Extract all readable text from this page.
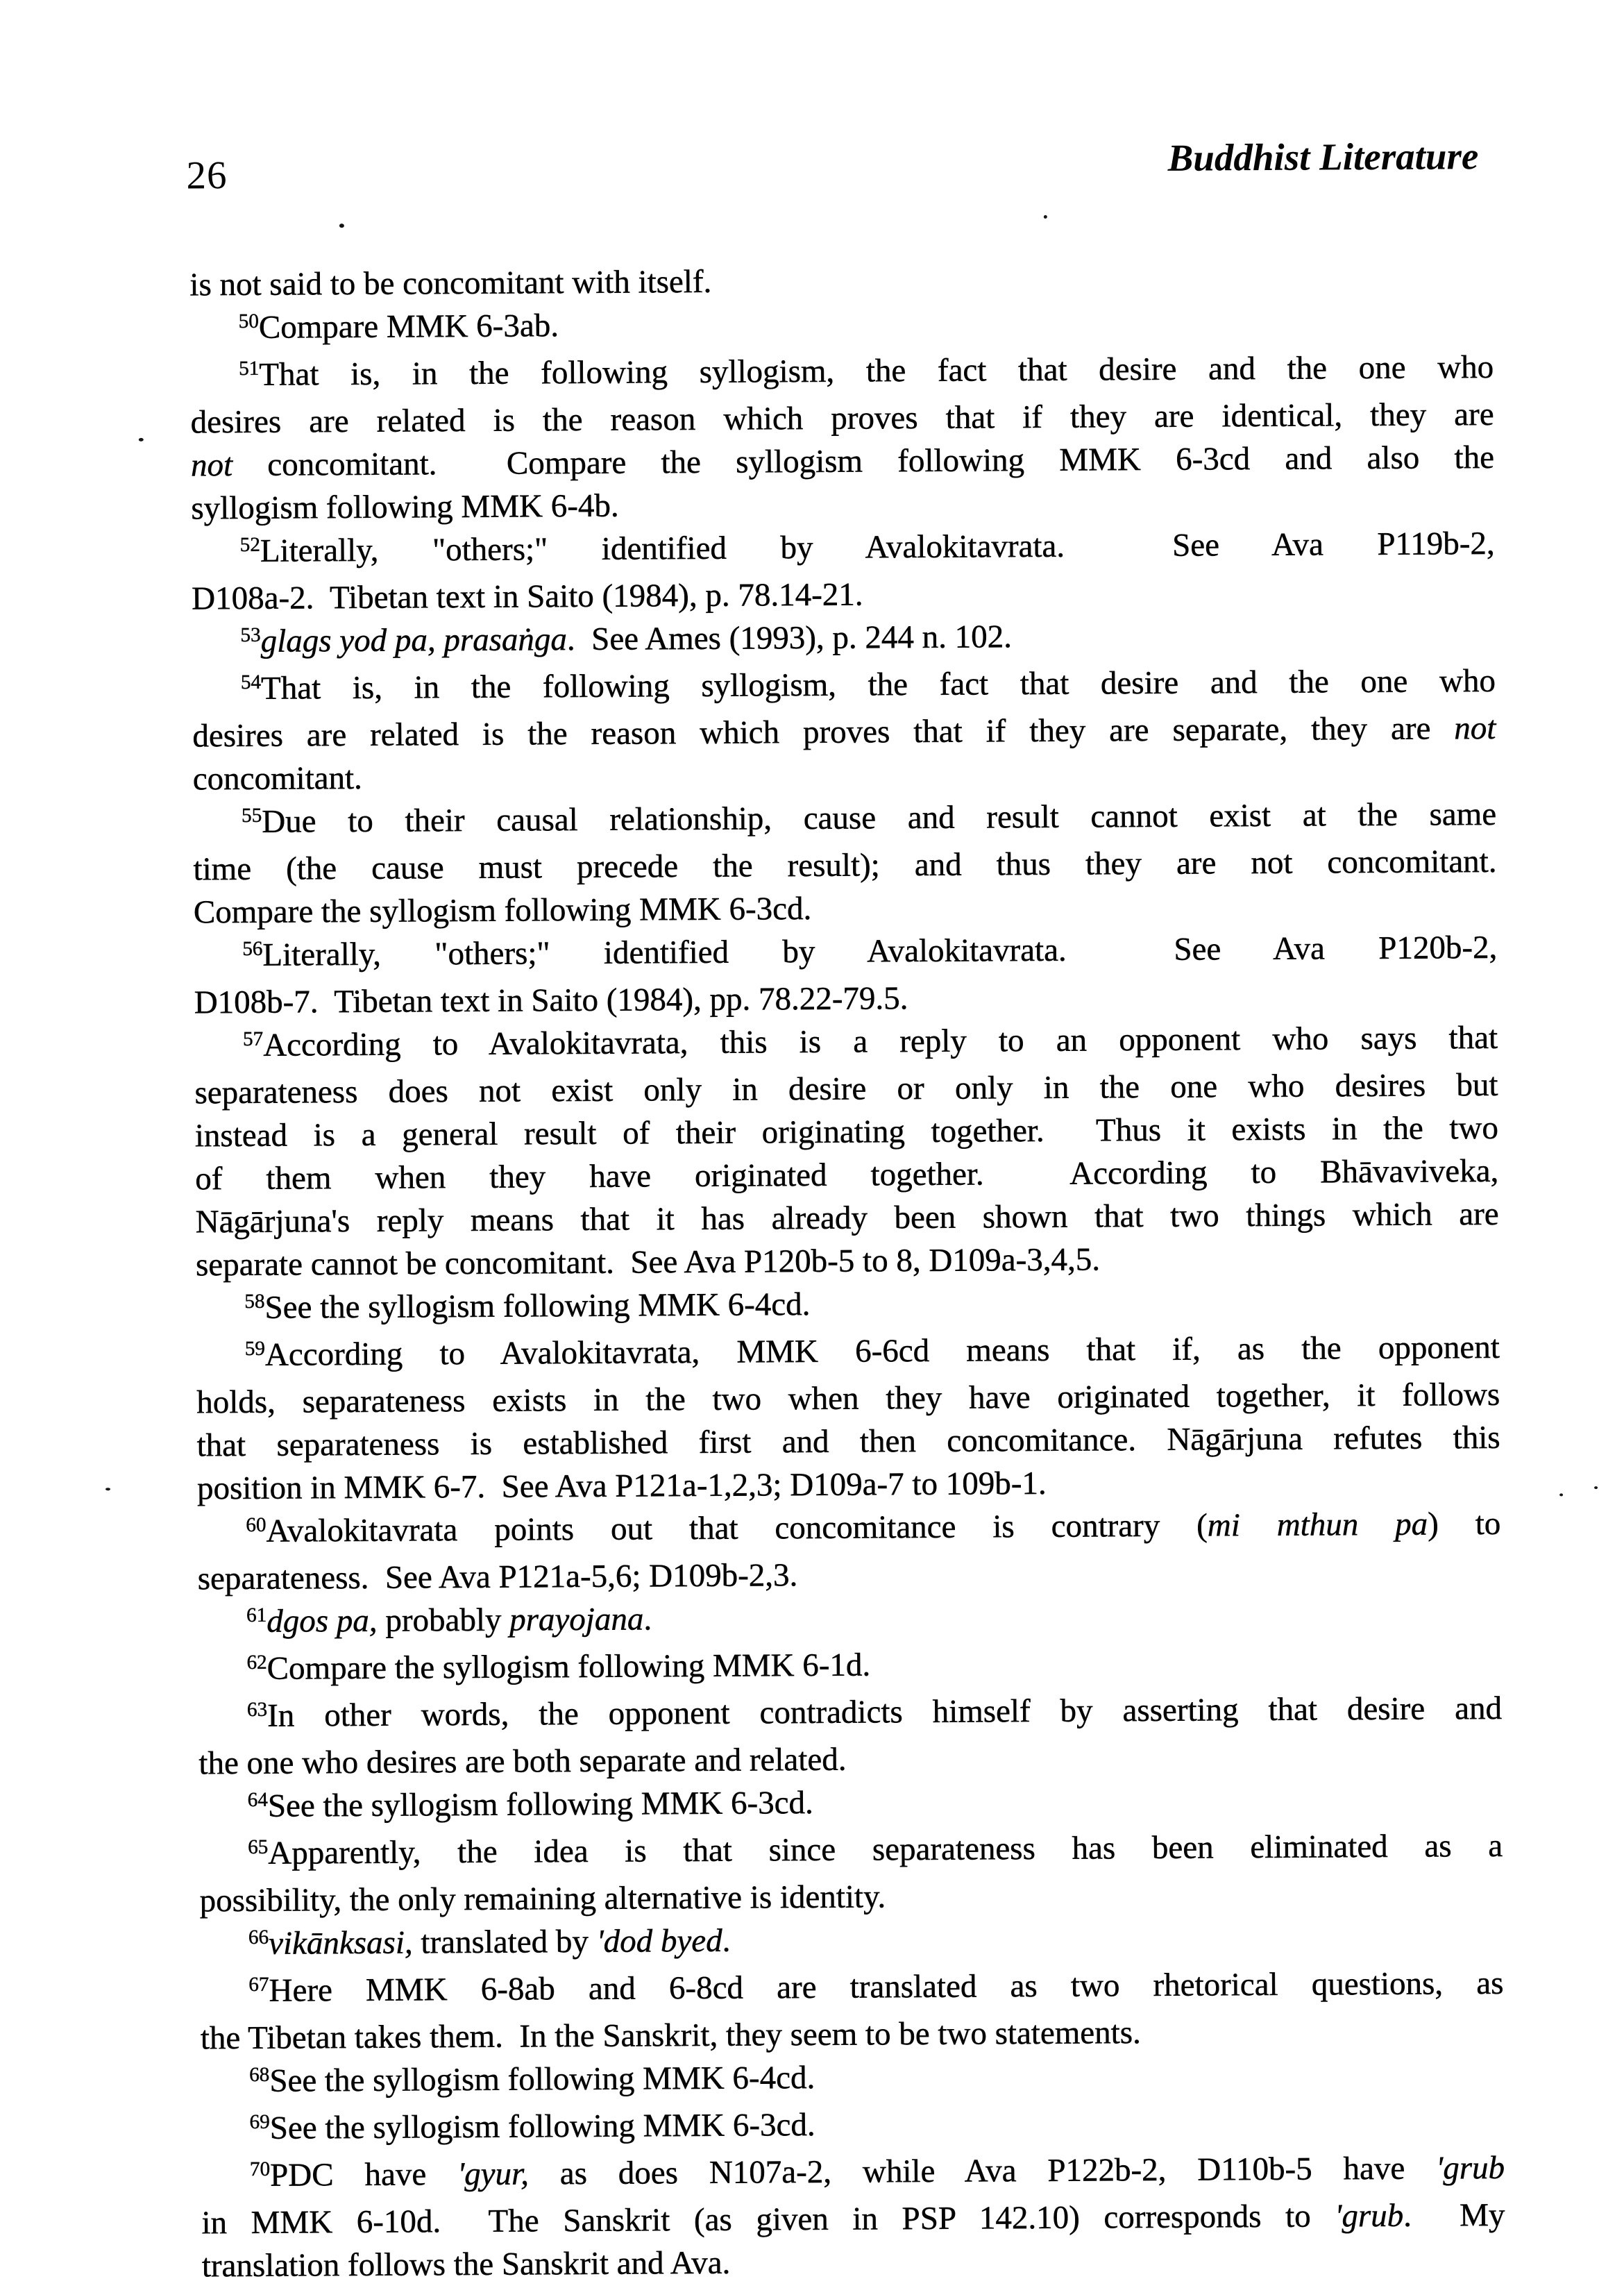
26	Buddhist Literature
is not said to be concomitant with itself.
$^{50}$Compare MMK 6-3ab.
$^{51}$That is, in the following syllogism, the fact that desire and the one who
desires are related is the reason which proves that if they are identical, they are
not concomitant.  Compare the syllogism following MMK 6-3cd and also the
syllogism following MMK 6-4b.
$^{52}$Literally, "others;" identified by Avalokitavrata.  See Ava P119b-2,
D108a-2.  Tibetan text in Saito (1984), p. 78.14-21.
$^{53}$glags yod pa, prasaṅga.  See Ames (1993), p. 244 n. 102.
$^{54}$That is, in the following syllogism, the fact that desire and the one who
desires are related is the reason which proves that if they are separate, they are not
concomitant.
$^{55}$Due to their causal relationship, cause and result cannot exist at the same
time (the cause must precede the result); and thus they are not concomitant.
Compare the syllogism following MMK 6-3cd.
$^{56}$Literally, "others;" identified by Avalokitavrata.  See Ava P120b-2,
D108b-7.  Tibetan text in Saito (1984), pp. 78.22-79.5.
$^{57}$According to Avalokitavrata, this is a reply to an opponent who says that
separateness does not exist only in desire or only in the one who desires but
instead is a general result of their originating together.  Thus it exists in the two
of them when they have originated together.  According to Bhāvaviveka,
Nāgārjuna's reply means that it has already been shown that two things which are
separate cannot be concomitant.  See Ava P120b-5 to 8, D109a-3,4,5.
$^{58}$See the syllogism following MMK 6-4cd.
$^{59}$According to Avalokitavrata, MMK 6-6cd means that if, as the opponent
holds, separateness exists in the two when they have originated together, it follows
that separateness is established first and then concomitance. Nāgārjuna refutes this
position in MMK 6-7.  See Ava P121a-1,2,3; D109a-7 to 109b-1.
$^{60}$Avalokitavrata points out that concomitance is contrary (mi mthun pa) to
separateness.  See Ava P121a-5,6; D109b-2,3.
$^{61}$dgos pa, probably prayojana.
$^{62}$Compare the syllogism following MMK 6-1d.
$^{63}$In other words, the opponent contradicts himself by asserting that desire and
the one who desires are both separate and related.
$^{64}$See the syllogism following MMK 6-3cd.
$^{65}$Apparently, the idea is that since separateness has been eliminated as a
possibility, the only remaining alternative is identity.
$^{66}$vikānksasi, translated by 'dod byed.
$^{67}$Here MMK 6-8ab and 6-8cd are translated as two rhetorical questions, as
the Tibetan takes them.  In the Sanskrit, they seem to be two statements.
$^{68}$See the syllogism following MMK 6-4cd.
$^{69}$See the syllogism following MMK 6-3cd.
$^{70}$PDC have 'gyur, as does N107a-2, while Ava P122b-2, D110b-5 have 'grub
in MMK 6-10d.  The Sanskrit (as given in PSP 142.10) corresponds to 'grub.  My
translation follows the Sanskrit and Ava.
